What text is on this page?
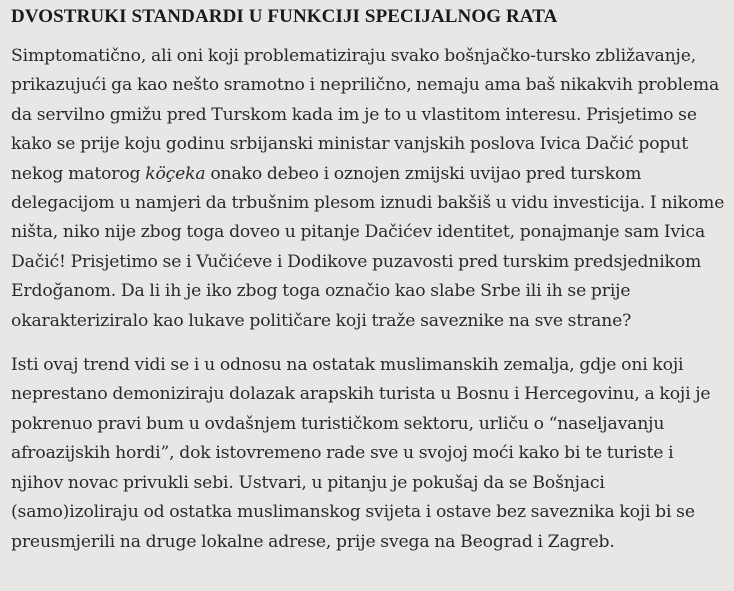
DVOSTRUKI STANDARDI U FUNKCIJI SPECIJALNOG RATA

Simptomatično, ali oni koji problematiziraju svako bošnjačko-tursko zbližavanje, prikazujući ga kao nešto sramotno i neprilično, nemaju ama baš nikakvih problema da servilno gmižu pred Turskom kada im je to u vlastitom interesu. Prisjetimo se kako se prije koju godinu srbijanski ministar vanjskih poslova Ivica Dačić poput nekog matorog köçeka onako debeo i oznojen zmijski uvijao pred turskom delegacijom u namjeri da trbušnim plesom iznudi bakšiš u vidu investicija. I nikome ništa, niko nije zbog toga doveo u pitanje Dačićev identitet, ponajmanje sam Ivica Dačić! Prisjetimo se i Vučićeve i Dodikove puzavosti pred turskim predsjednikom Erdoğanom. Da li ih je iko zbog toga označio kao slabe Srbe ili ih se prije okarakteriziralo kao lukave političare koji traže saveznike na sve strane?

Isti ovaj trend vidi se i u odnosu na ostatak muslimanskih zemalja, gdje oni koji neprestano demoniziraju dolazak arapskih turista u Bosnu i Hercegovinu, a koji je pokrenuo pravi bum u ovdašnjem turističkom sektoru, urliču o “naseljavanju afroazijskih hordi”, dok istovremeno rade sve u svojoj moći kako bi te turiste i njihov novac privukli sebi. Ustvari, u pitanju je pokušaj da se Bošnjaci (samo)izoliraju od ostatka muslimanskog svijeta i ostave bez saveznika koji bi se preusmjerili na druge lokalne adrese, prije svega na Beograd i Zagreb.
